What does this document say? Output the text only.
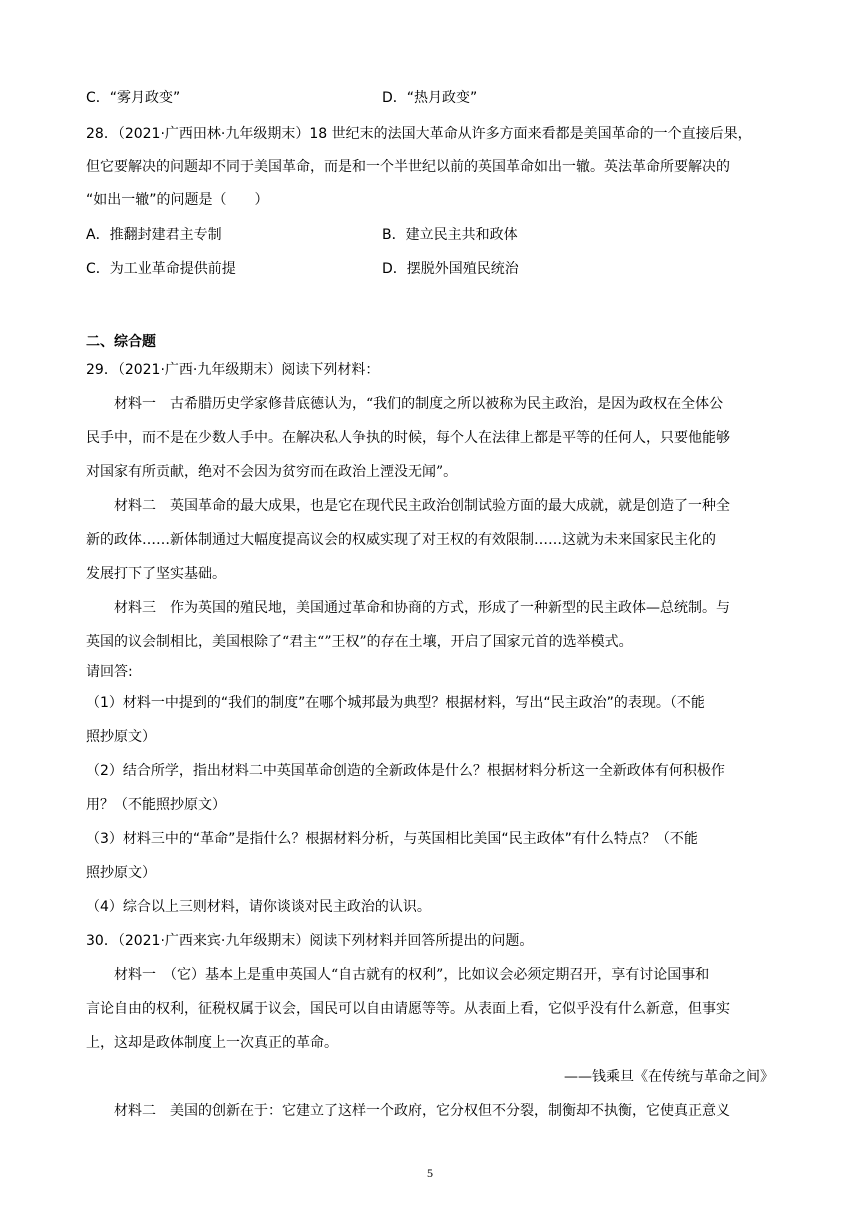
C．“雾月政变”	D．“热月政变”
28．（2021·广西田林·九年级期末）18 世纪末的法国大革命从许多方面来看都是美国革命的一个直接后果，
但它要解决的问题却不同于美国革命，而是和一个半世纪以前的英国革命如出一辙。英法革命所要解决的
“如出一辙”的问题是（　　）
A．推翻封建君主专制	B．建立民主共和政体
C．为工业革命提供前提	D．摆脱外国殖民统治
二、综合题
29．（2021·广西·九年级期末）阅读下列材料：
材料一　古希腊历史学家修昔底德认为，“我们的制度之所以被称为民主政治，是因为政权在全体公
民手中，而不是在少数人手中。在解决私人争执的时候，每个人在法律上都是平等的任何人，只要他能够
对国家有所贡献，绝对不会因为贫穷而在政治上湮没无闻”。
材料二　英国革命的最大成果，也是它在现代民主政治创制试验方面的最大成就，就是创造了一种全
新的政体……新体制通过大幅度提高议会的权威实现了对王权的有效限制……这就为未来国家民主化的
发展打下了坚实基础。
材料三　作为英国的殖民地，美国通过革命和协商的方式，形成了一种新型的民主政体—总统制。与
英国的议会制相比，美国根除了“君主“”王权”的存在土壤，开启了国家元首的选举模式。
请回答:
（1）材料一中提到的“我们的制度”在哪个城邦最为典型？根据材料，写出“民主政治”的表现。（不能
照抄原文）
（2）结合所学，指出材料二中英国革命创造的全新政体是什么？根据材料分析这一全新政体有何积极作
用？（不能照抄原文）
（3）材料三中的“革命”是指什么？根据材料分析，与英国相比美国“民主政体”有什么特点？（不能
照抄原文）
（4）综合以上三则材料，请你谈谈对民主政治的认识。
30．（2021·广西来宾·九年级期末）阅读下列材料并回答所提出的问题。
材料一　（它）基本上是重申英国人“自古就有的权利”，比如议会必须定期召开，享有讨论国事和
言论自由的权利，征税权属于议会，国民可以自由请愿等等。从表面上看，它似乎没有什么新意，但事实
上，这却是政体制度上一次真正的革命。
——钱乘旦《在传统与革命之间》
材料二　美国的创新在于：它建立了这样一个政府，它分权但不分裂，制衡却不执衡，它使真正意义
5
